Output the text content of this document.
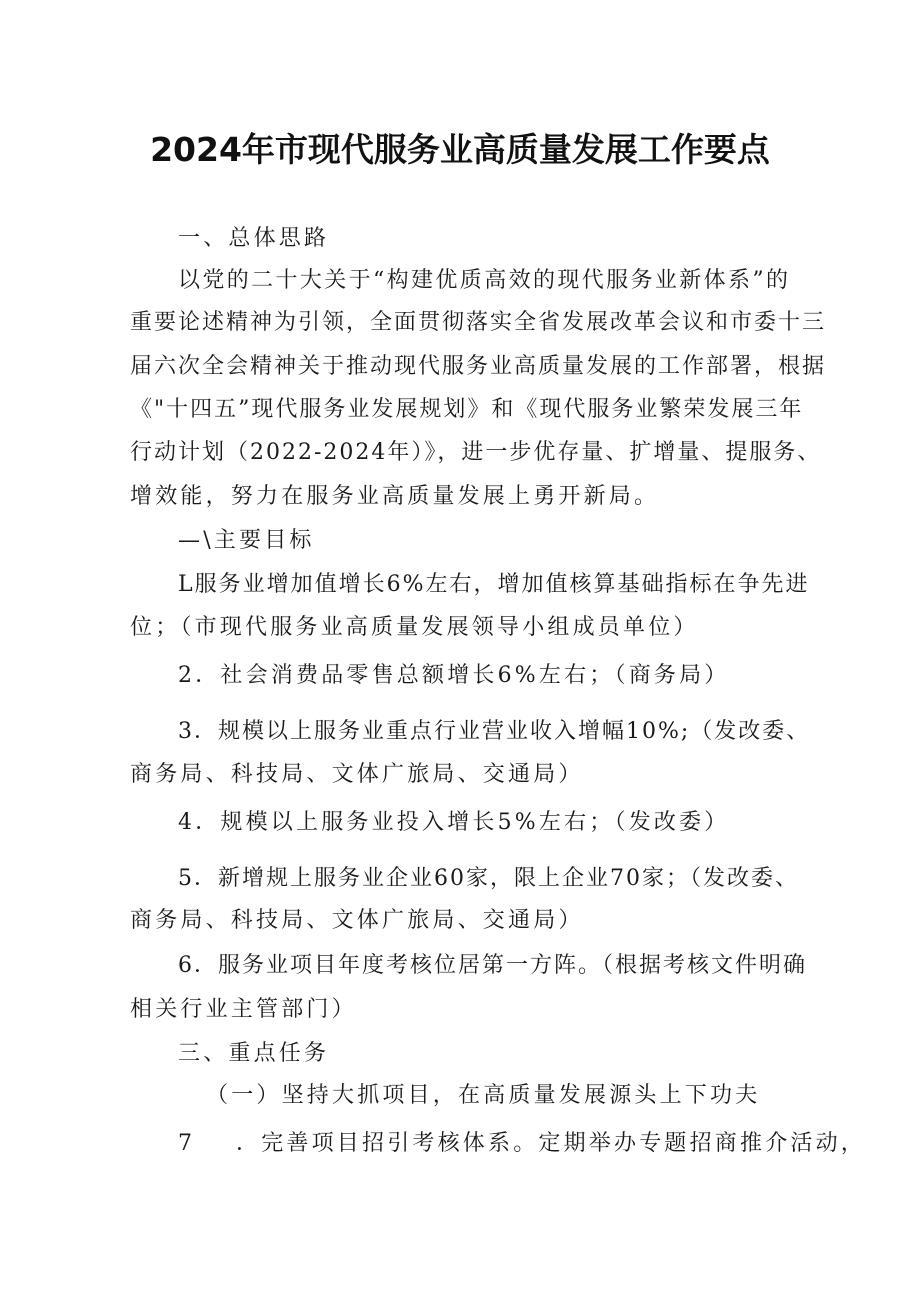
2024年市现代服务业高质量发展工作要点
一、总体思路
以党的二十大关于“构建优质高效的现代服务业新体系”的
重要论述精神为引领，全面贯彻落实全省发展改革会议和市委十三
届六次全会精神关于推动现代服务业高质量发展的工作部署，根据
《"十四五”现代服务业发展规划》和《现代服务业繁荣发展三年
行动计划（2022-2024年）》，进一步优存量、扩增量、提服务、
增效能，努力在服务业高质量发展上勇开新局。
—\主要目标
L服务业增加值增长6%左右，增加值核算基础指标在争先进
位；（市现代服务业高质量发展领导小组成员单位）
2．社会消费品零售总额增长6%左右；（商务局）
3．规模以上服务业重点行业营业收入增幅10%;（发改委、
商务局、科技局、文体广旅局、交通局）
4．规模以上服务业投入增长5%左右；（发改委）
5．新增规上服务业企业60家，限上企业70家；（发改委、
商务局、科技局、文体广旅局、交通局）
6．服务业项目年度考核位居第一方阵。（根据考核文件明确
相关行业主管部门）
三、重点任务
（一）坚持大抓项目，在高质量发展源头上下功夫
7 ．完善项目招引考核体系。定期举办专题招商推介活动，
